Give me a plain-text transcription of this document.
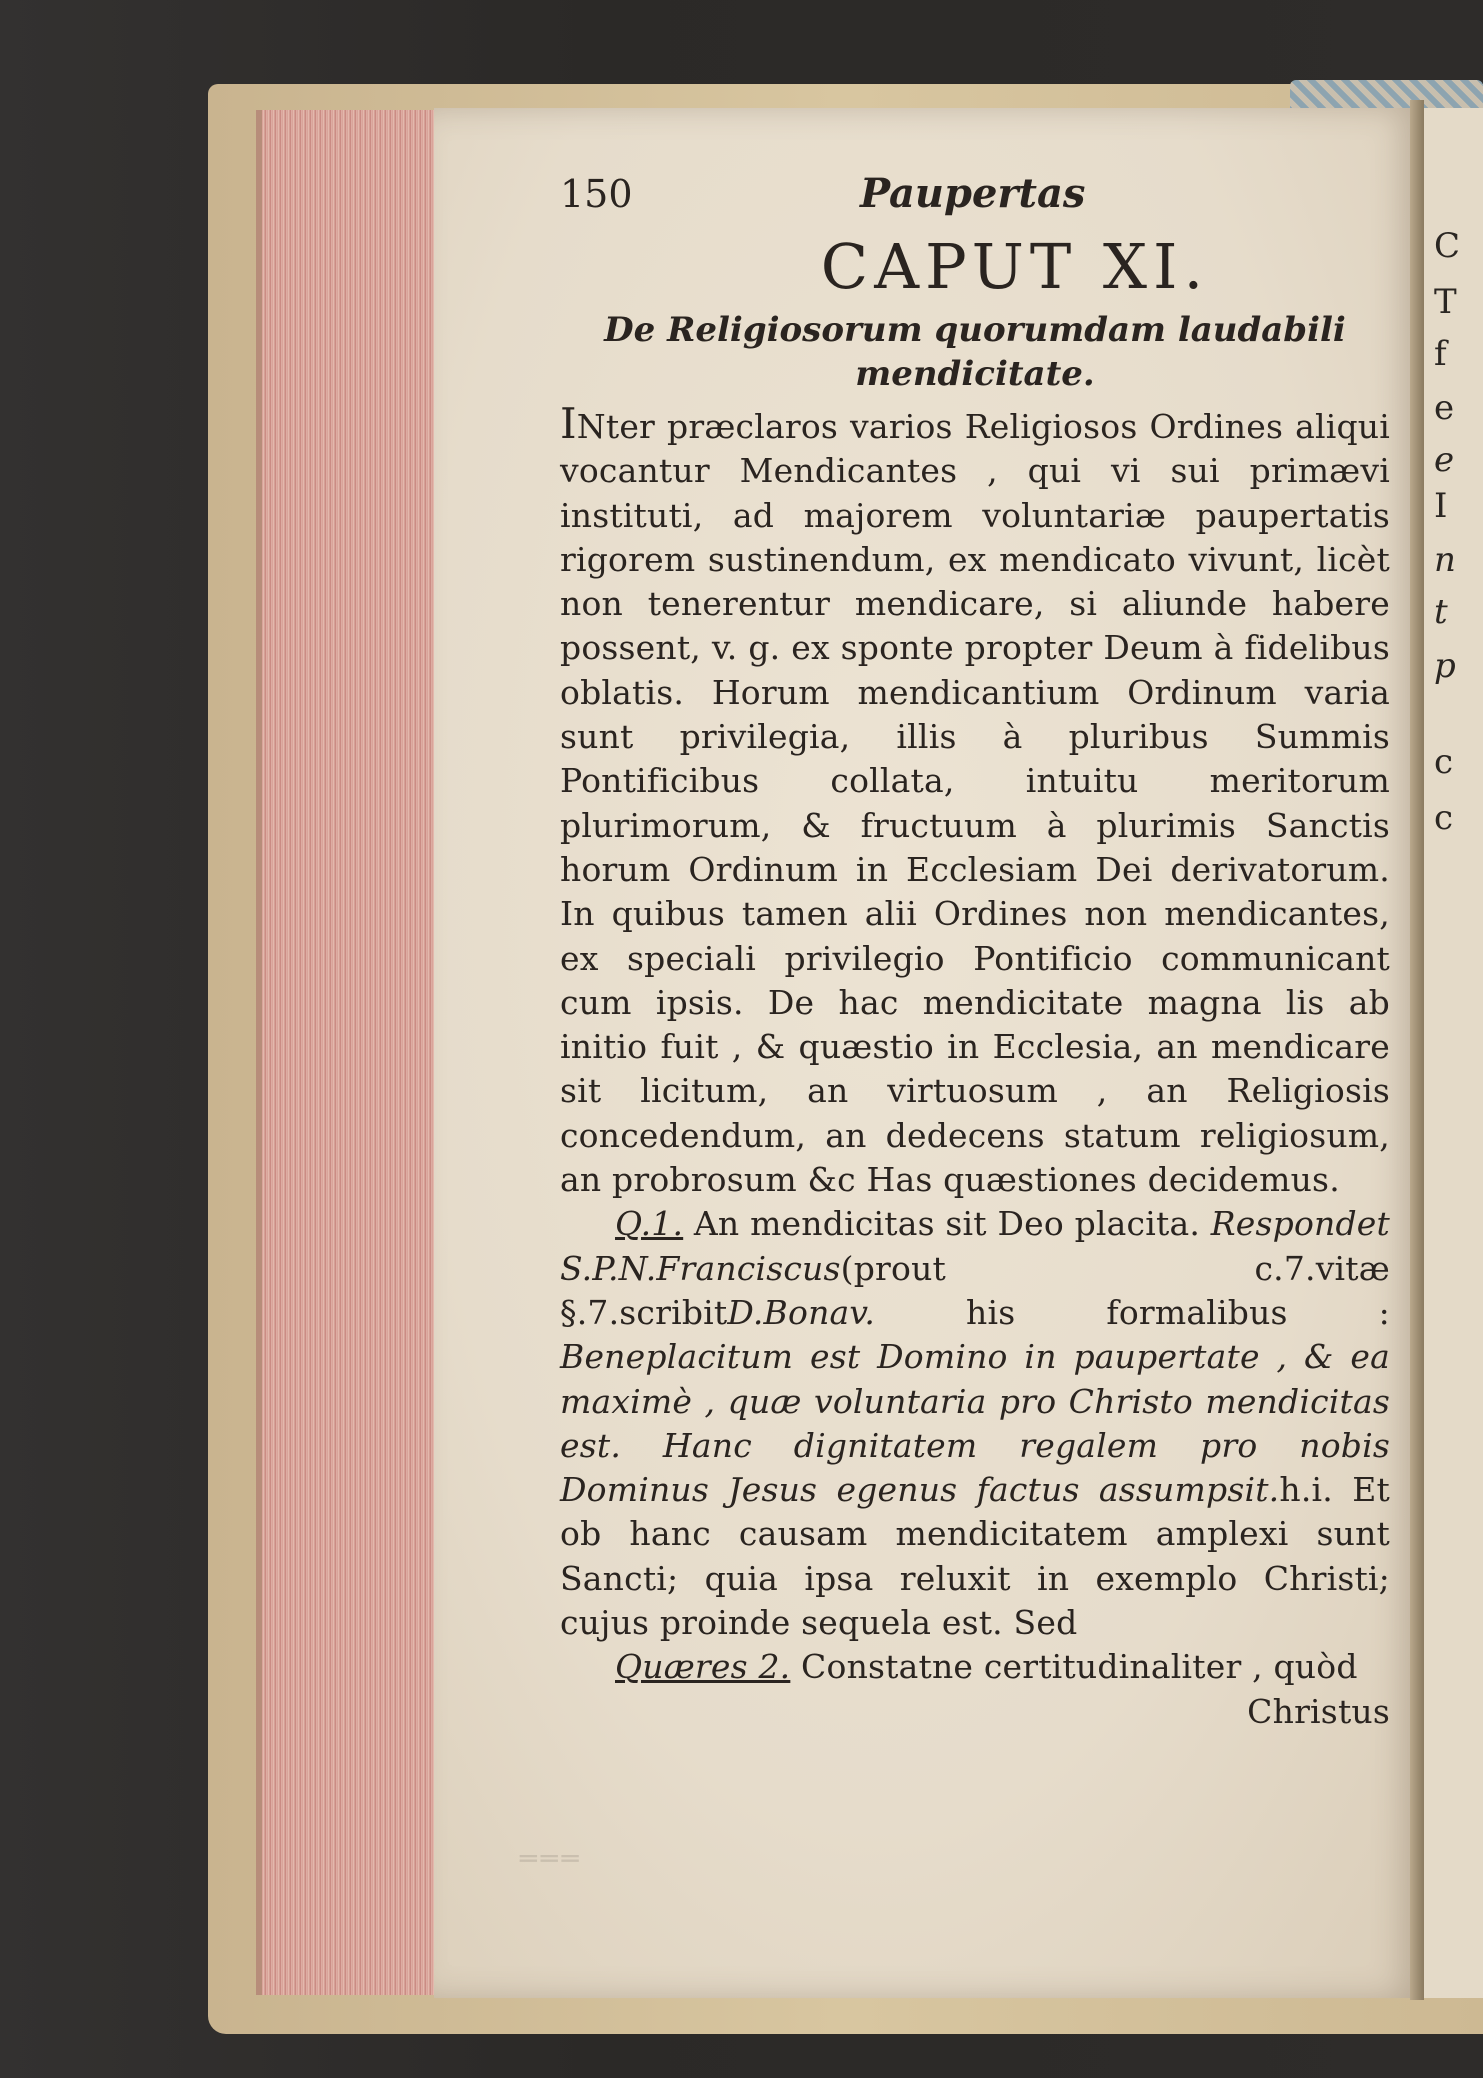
C
T
f
e
e
I
n
t
p
c
c
150	Paupertas
CAPUT XI.
De Religiosorum quorumdam laudabili mendicitate.

INter præclaros varios Religiosos Ordines aliqui vocantur Mendicantes , qui vi sui primævi instituti, ad majorem voluntariæ paupertatis rigorem sustinendum, ex mendicato vivunt, licèt non tenerentur mendicare, si aliunde habere possent, v. g. ex sponte propter Deum à fidelibus oblatis. Horum mendicantium Ordinum varia sunt privilegia, illis à pluribus Summis Pontificibus collata, intuitu meritorum plurimorum, & fructuum à plurimis Sanctis horum Ordinum in Ecclesiam Dei derivatorum. In quibus tamen alii Ordines non mendicantes, ex speciali privilegio Pontificio communicant cum ipsis. De hac mendicitate magna lis ab initio fuit , & quæstio in Ecclesia, an mendicare sit licitum, an virtuosum , an Religiosis concedendum, an dedecens statum religiosum, an probrosum &c Has quæstiones decidemus.

Q.1. An mendicitas sit Deo placita. Respondet S.P.N.Franciscus(prout c.7.vitæ §.7.scribitD.Bonav.	his formalibus : Beneplacitum est Domino in paupertate , & ea maximè , quæ voluntaria pro Christo mendicitas est. Hanc dignitatem regalem pro nobis Dominus Jesus egenus factus assumpsit.h.i. Et ob hanc causam mendicitatem amplexi sunt Sancti; quia ipsa reluxit in exemplo Christi; cujus proinde sequela est. Sed

Quæres 2. Constatne certitudinaliter , quòd

Christus
═══
